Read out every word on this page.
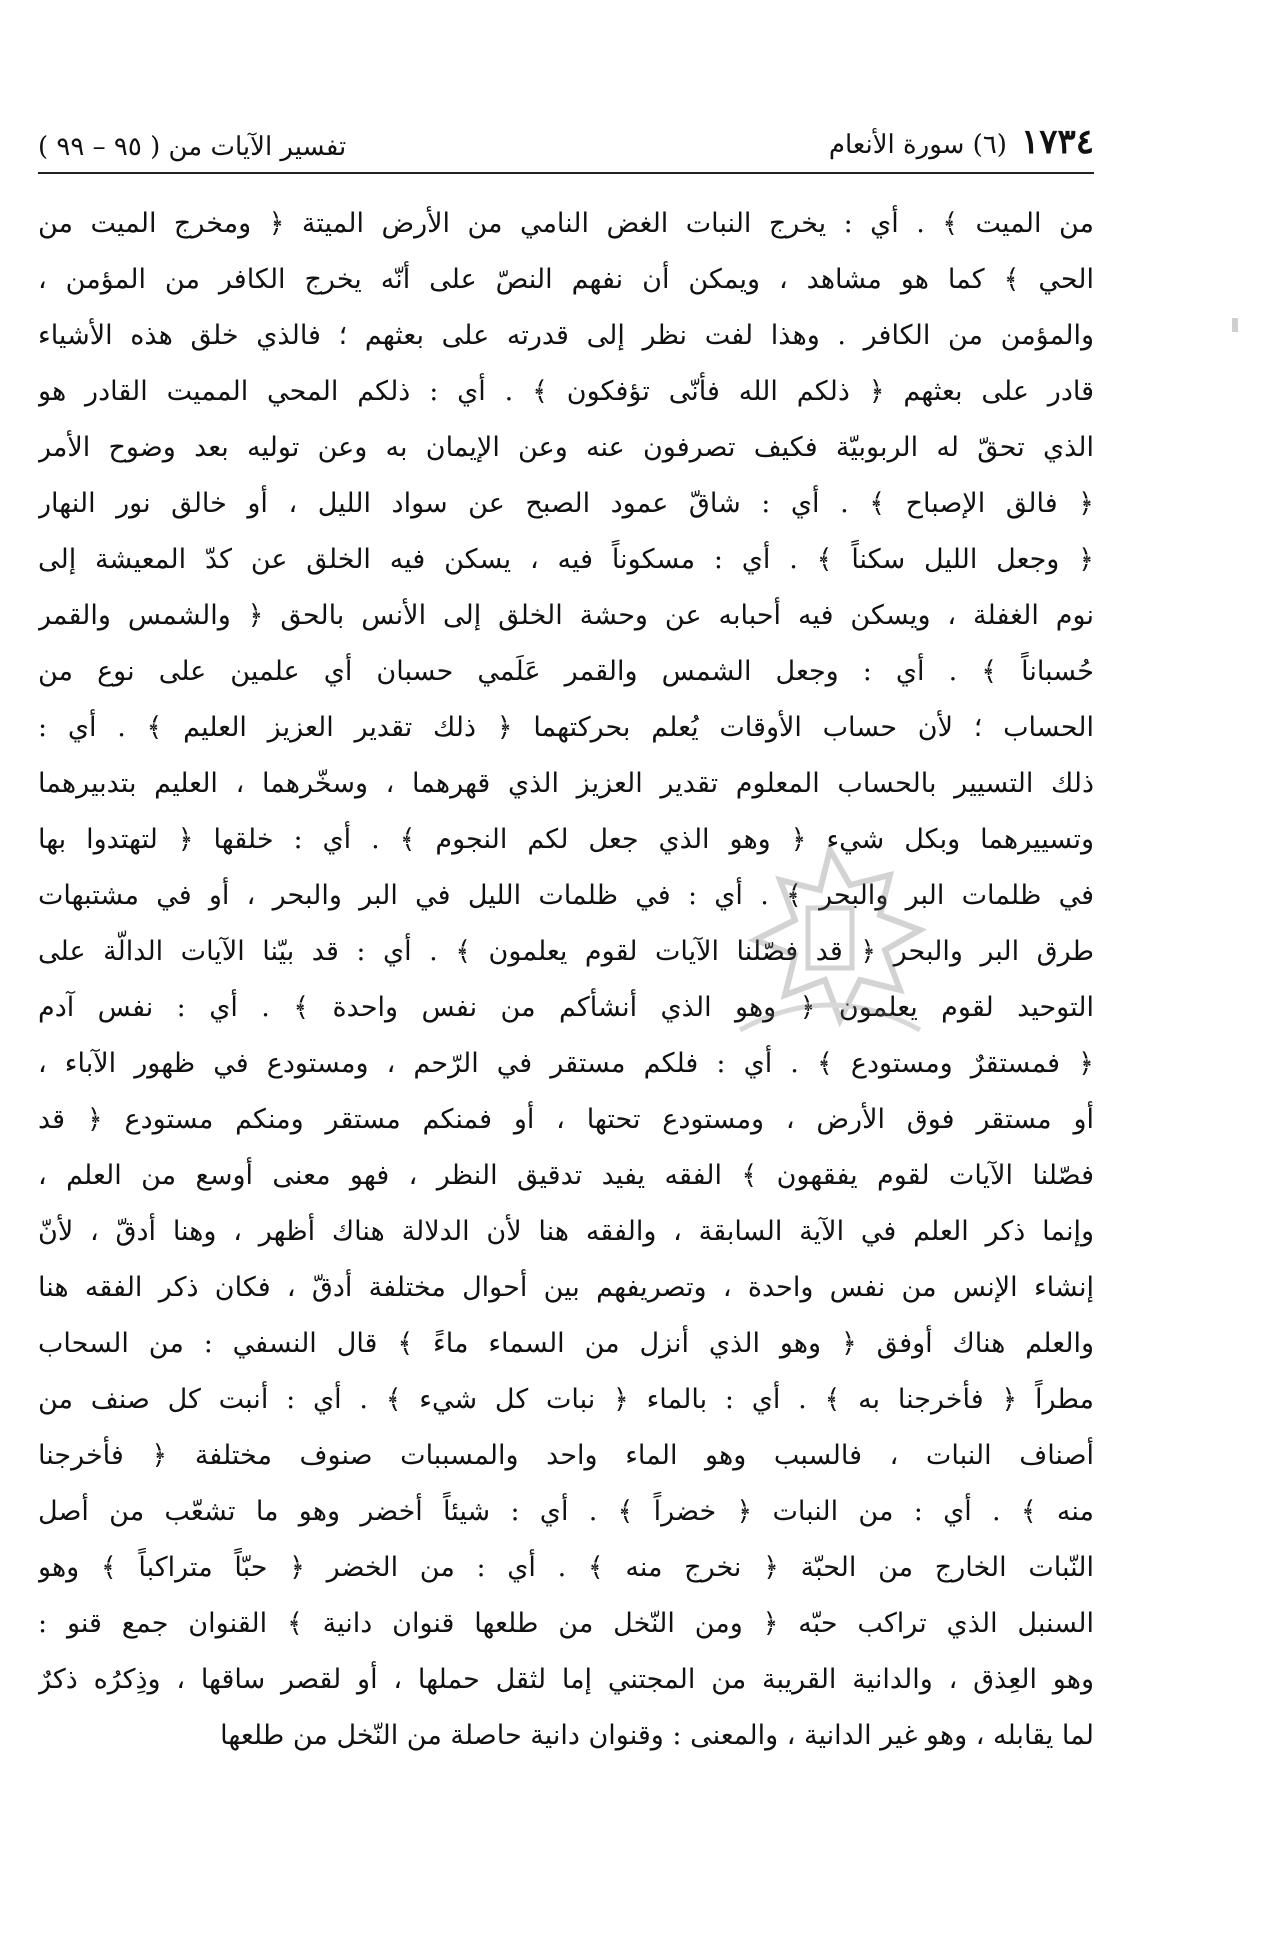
١٧٣٤
(٦) سورة الأنعام
تفسير الآيات من ( ٩٥ – ٩٩ )
من الميت ﴾ . أي : يخرج النبات الغض النامي من الأرض الميتة ﴿ ومخرج الميت من
الحي ﴾ كما هو مشاهد ، ويمكن أن نفهم النصّ على أنّه يخرج الكافر من المؤمن ،
والمؤمن من الكافر . وهذا لفت نظر إلى قدرته على بعثهم ؛ فالذي خلق هذه الأشياء
قادر على بعثهم ﴿ ذلكم الله فأنّى تؤفكون ﴾ . أي : ذلكم المحي المميت القادر هو
الذي تحقّ له الربوبيّة فكيف تصرفون عنه وعن الإيمان به وعن توليه بعد وضوح الأمر
﴿ فالق الإصباح ﴾ . أي : شاقّ عمود الصبح عن سواد الليل ، أو خالق نور النهار
﴿ وجعل الليل سكناً ﴾ . أي : مسكوناً فيه ، يسكن فيه الخلق عن كدّ المعيشة إلى
نوم الغفلة ، ويسكن فيه أحبابه عن وحشة الخلق إلى الأنس بالحق ﴿ والشمس والقمر
حُسباناً ﴾ . أي : وجعل الشمس والقمر عَلَمي حسبان أي علمين على نوع من
الحساب ؛ لأن حساب الأوقات يُعلم بحركتهما ﴿ ذلك تقدير العزيز العليم ﴾ . أي :
ذلك التسيير بالحساب المعلوم تقدير العزيز الذي قهرهما ، وسخّرهما ، العليم بتدبيرهما
وتسييرهما وبكل شيء ﴿ وهو الذي جعل لكم النجوم ﴾ . أي : خلقها ﴿ لتهتدوا بها
في ظلمات البر والبحر ﴾ . أي : في ظلمات الليل في البر والبحر ، أو في مشتبهات
طرق البر والبحر ﴿ قد فصّلنا الآيات لقوم يعلمون ﴾ . أي : قد بيّنا الآيات الدالّة على
التوحيد لقوم يعلمون ﴿ وهو الذي أنشأكم من نفس واحدة ﴾ . أي : نفس آدم
﴿ فمستقرٌ ومستودع ﴾ . أي : فلكم مستقر في الرّحم ، ومستودع في ظهور الآباء ،
أو مستقر فوق الأرض ، ومستودع تحتها ، أو فمنكم مستقر ومنكم مستودع ﴿ قد
فصّلنا الآيات لقوم يفقهون ﴾ الفقه يفيد تدقيق النظر ، فهو معنى أوسع من العلم ،
وإنما ذكر العلم في الآية السابقة ، والفقه هنا لأن الدلالة هناك أظهر ، وهنا أدقّ ، لأنّ
إنشاء الإنس من نفس واحدة ، وتصريفهم بين أحوال مختلفة أدقّ ، فكان ذكر الفقه هنا
والعلم هناك أوفق ﴿ وهو الذي أنزل من السماء ماءً ﴾ قال النسفي : من السحاب
مطراً ﴿ فأخرجنا به ﴾ . أي : بالماء ﴿ نبات كل شيء ﴾ . أي : أنبت كل صنف من
أصناف النبات ، فالسبب وهو الماء واحد والمسببات صنوف مختلفة ﴿ فأخرجنا
منه ﴾ . أي : من النبات ﴿ خضراً ﴾ . أي : شيئاً أخضر وهو ما تشعّب من أصل
النّبات الخارج من الحبّة ﴿ نخرج منه ﴾ . أي : من الخضر ﴿ حبّاً متراكباً ﴾ وهو
السنبل الذي تراكب حبّه ﴿ ومن النّخل من طلعها قنوان دانية ﴾ القنوان جمع قنو :
وهو العِذق ، والدانية القريبة من المجتني إما لثقل حملها ، أو لقصر ساقها ، وذِكرُه ذكرٌ
لما يقابله ، وهو غير الدانية ، والمعنى : وقنوان دانية حاصلة من النّخل من طلعها
